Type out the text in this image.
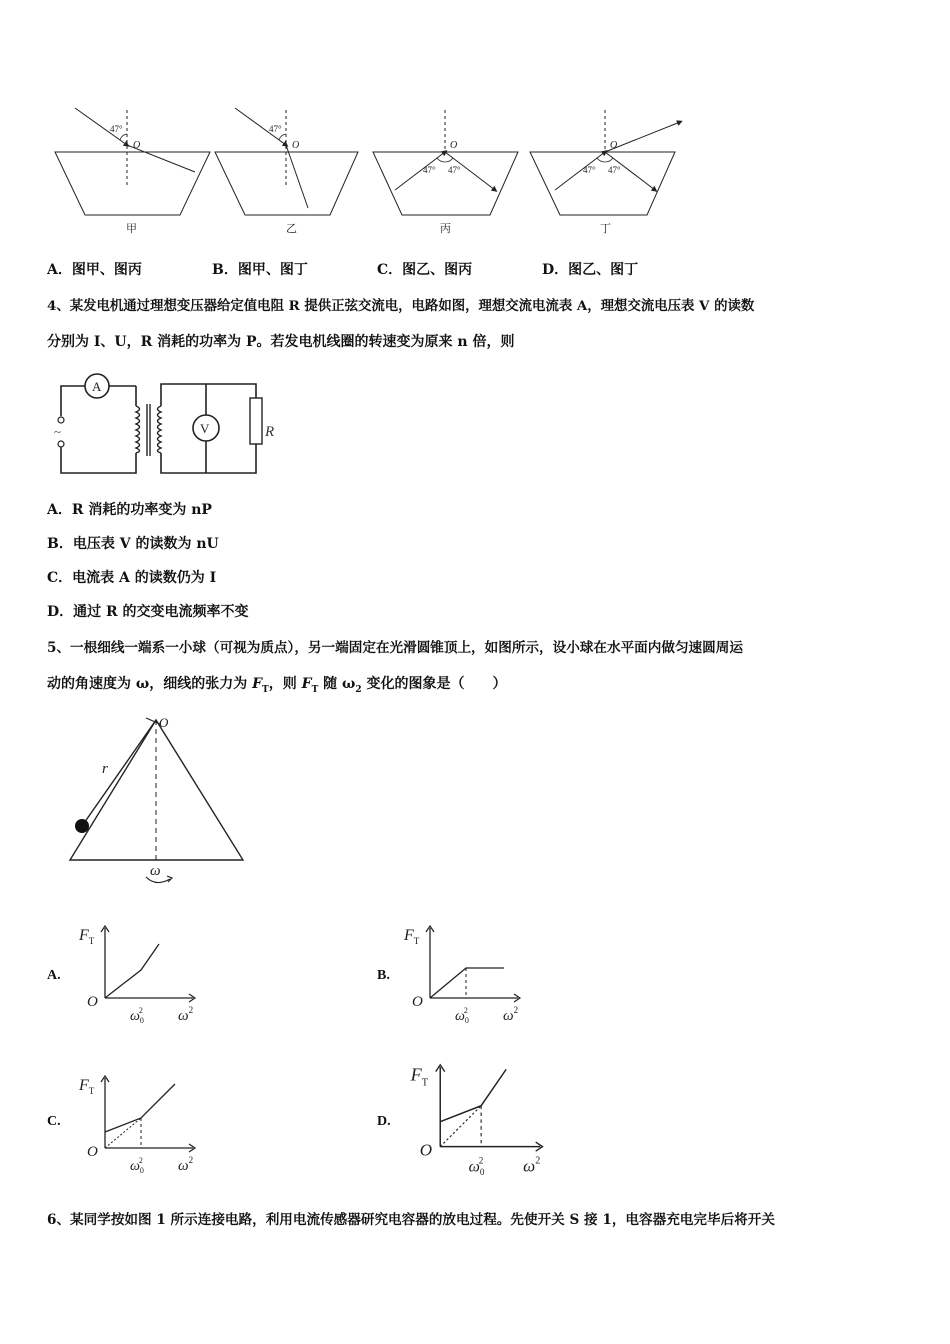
47°
O
甲
47°
O
乙
47° 47°
O
丙
47° 47°
O
丁
A．图甲、图丙	B．图甲、图丁	C．图乙、图丙	D．图乙、图丁
4、某发电机通过理想变压器给定值电阻 R 提供正弦交流电，电路如图，理想交流电流表 A，理想交流电压表 V 的读数
分别为 I、U，R 消耗的功率为 P。若发电机线圈的转速变为原来 n 倍，则
~
A
V	R
A．R 消耗的功率变为 nP
B．电压表 V 的读数为 nU
C．电流表 A 的读数仍为 I
D．通过 R 的交变电流频率不变
5、一根细线一端系一小球（可视为质点），另一端固定在光滑圆锥顶上，如图所示，设小球在水平面内做匀速圆周运
动的角速度为 ω，细线的张力为 $F_T$，则 $F_T$ 随 $\omega_2$ 变化的图象是（　　）
O
r
ω
A.
$F_T$
O
$\omega^2$
$\omega_02$
B.
$F_T$
O
$\omega^2$
$\omega_02$
C.
$F_T$
O
$\omega^2$
$\omega_02$
D.
$F_T$
O
$\omega^2$
$\omega_02$
6、某同学按如图 1 所示连接电路，利用电流传感器研究电容器的放电过程。先使开关 S 接 1，电容器充电完毕后将开关
